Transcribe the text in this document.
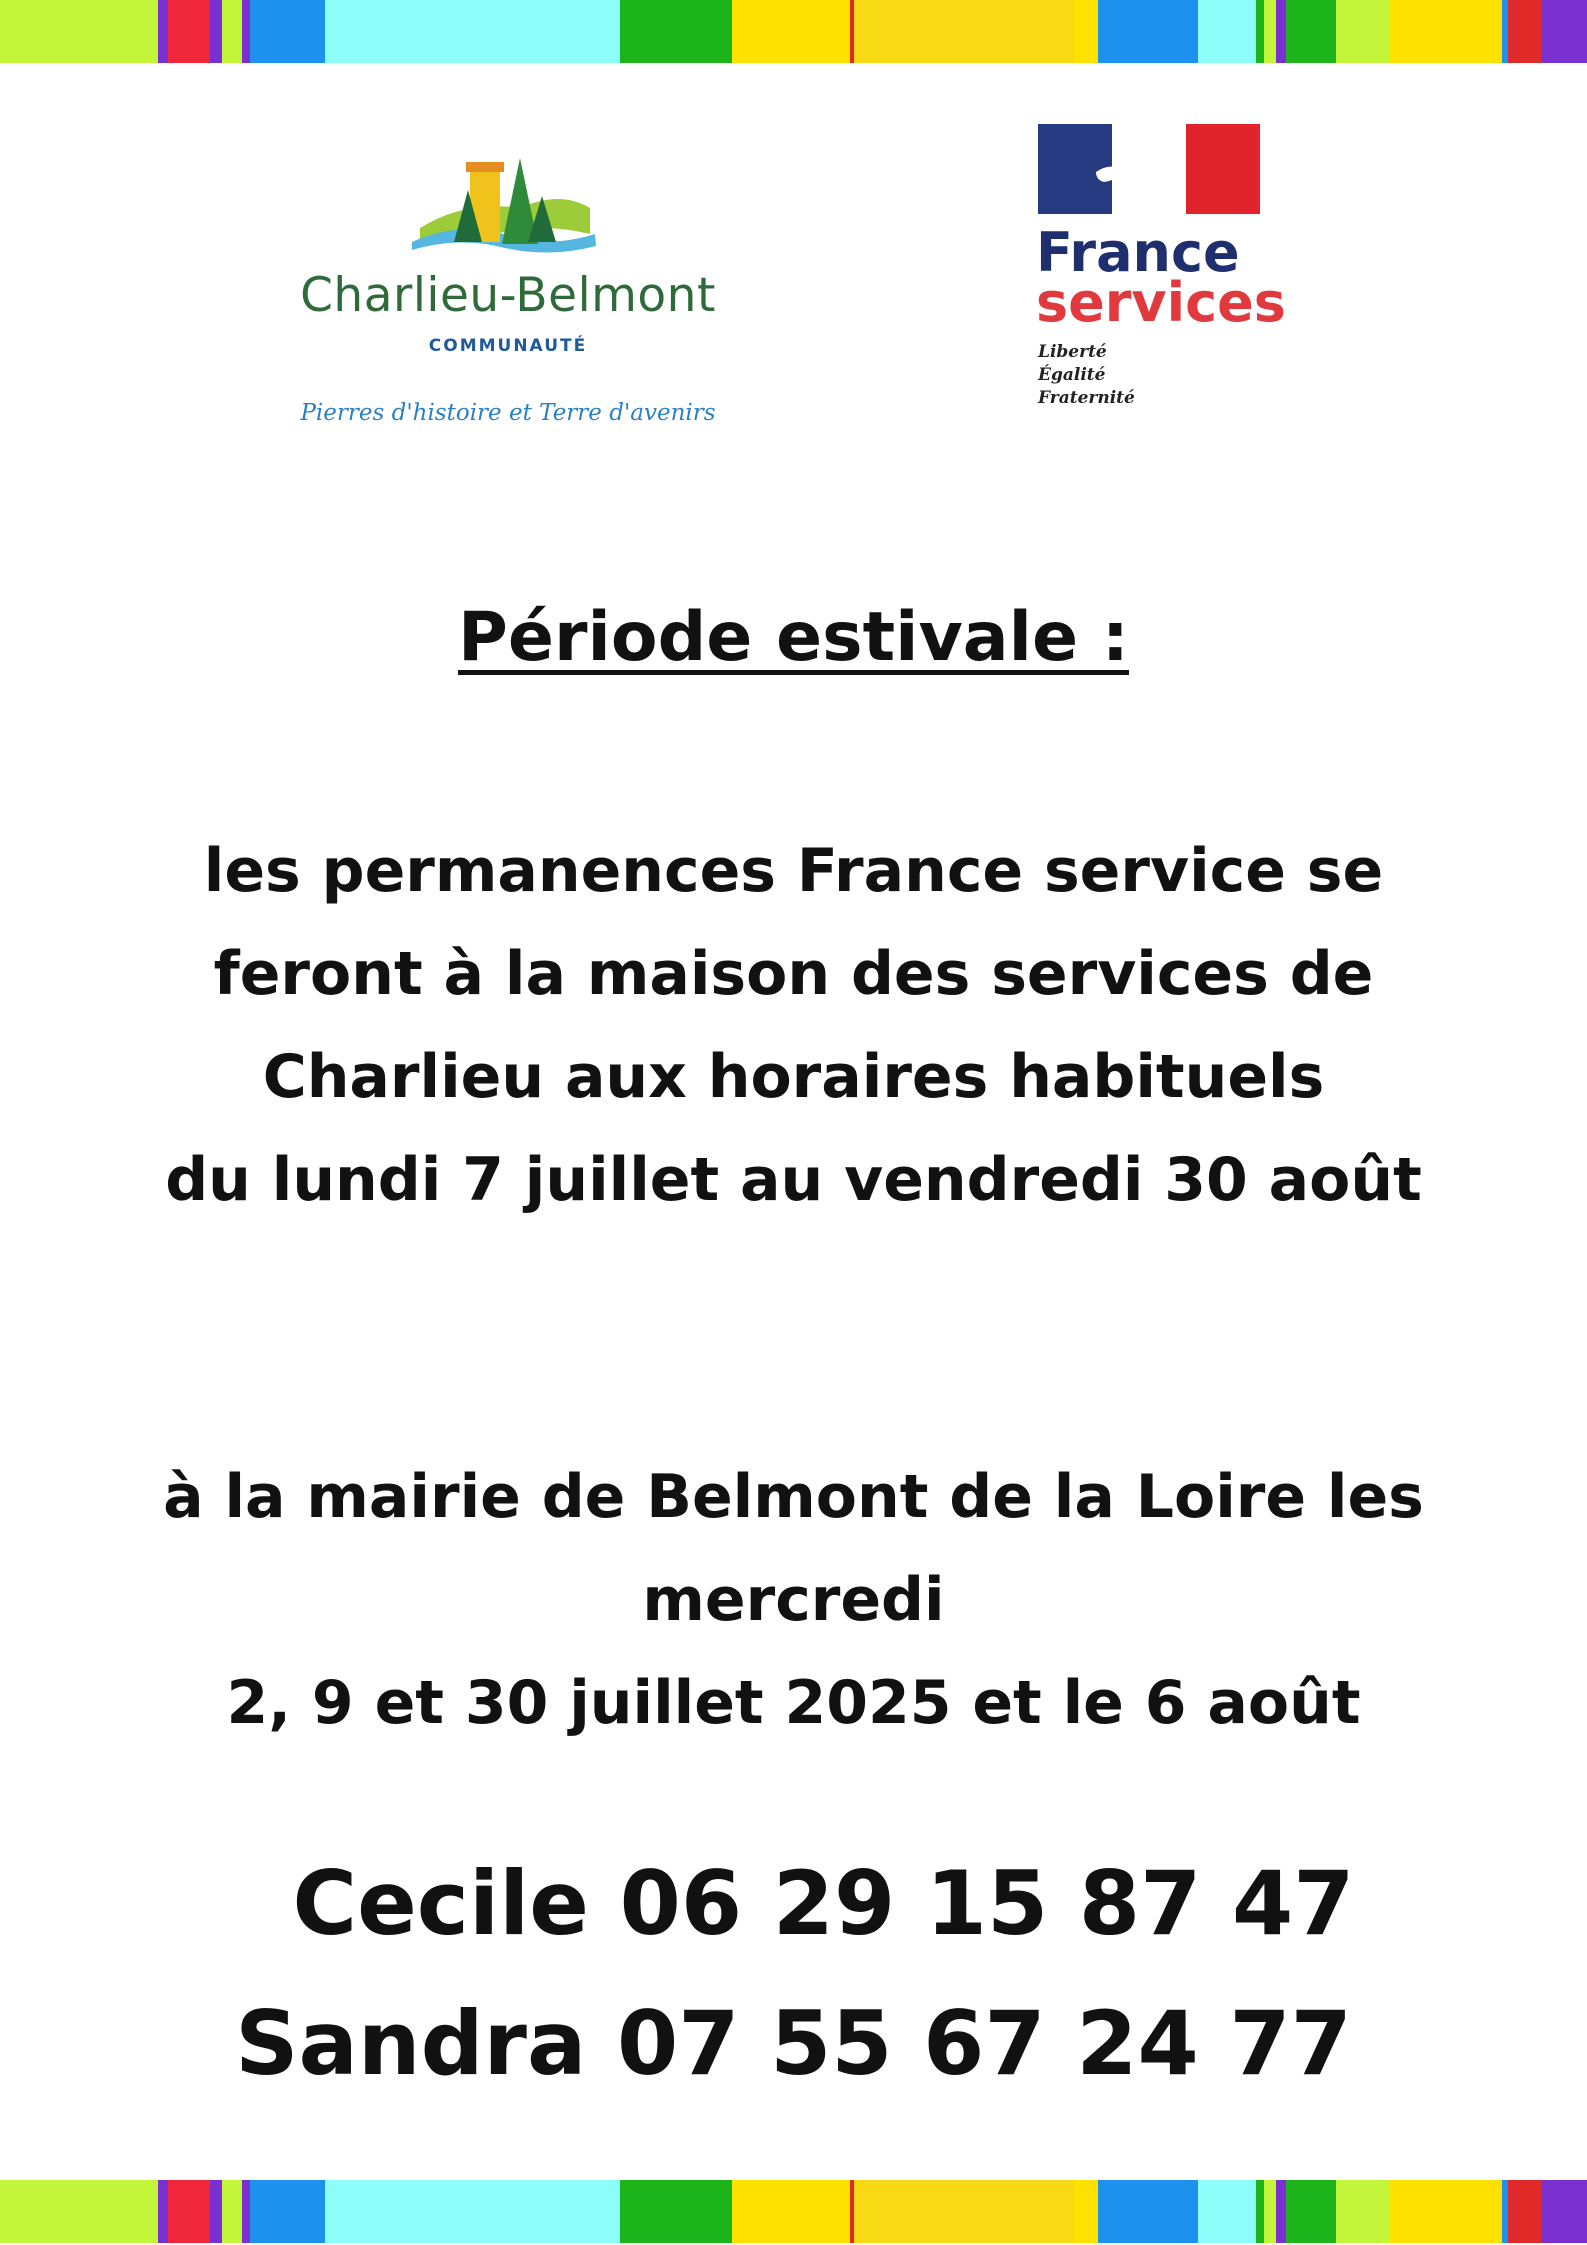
Charlieu-Belmont
COMMUNAUTÉ
Pierres d'histoire et Terre d'avenirs
France
services
Liberté
Égalité
Fraternité
Période estivale :
les permanences France service se
feront à la maison des services de
Charlieu aux horaires habituels
du lundi 7 juillet au vendredi 30 août
à la mairie de Belmont de la Loire les
mercredi
2, 9 et 30 juillet 2025 et le 6 août
Cecile 06 29 15 87 47
Sandra 07 55 67 24 77
